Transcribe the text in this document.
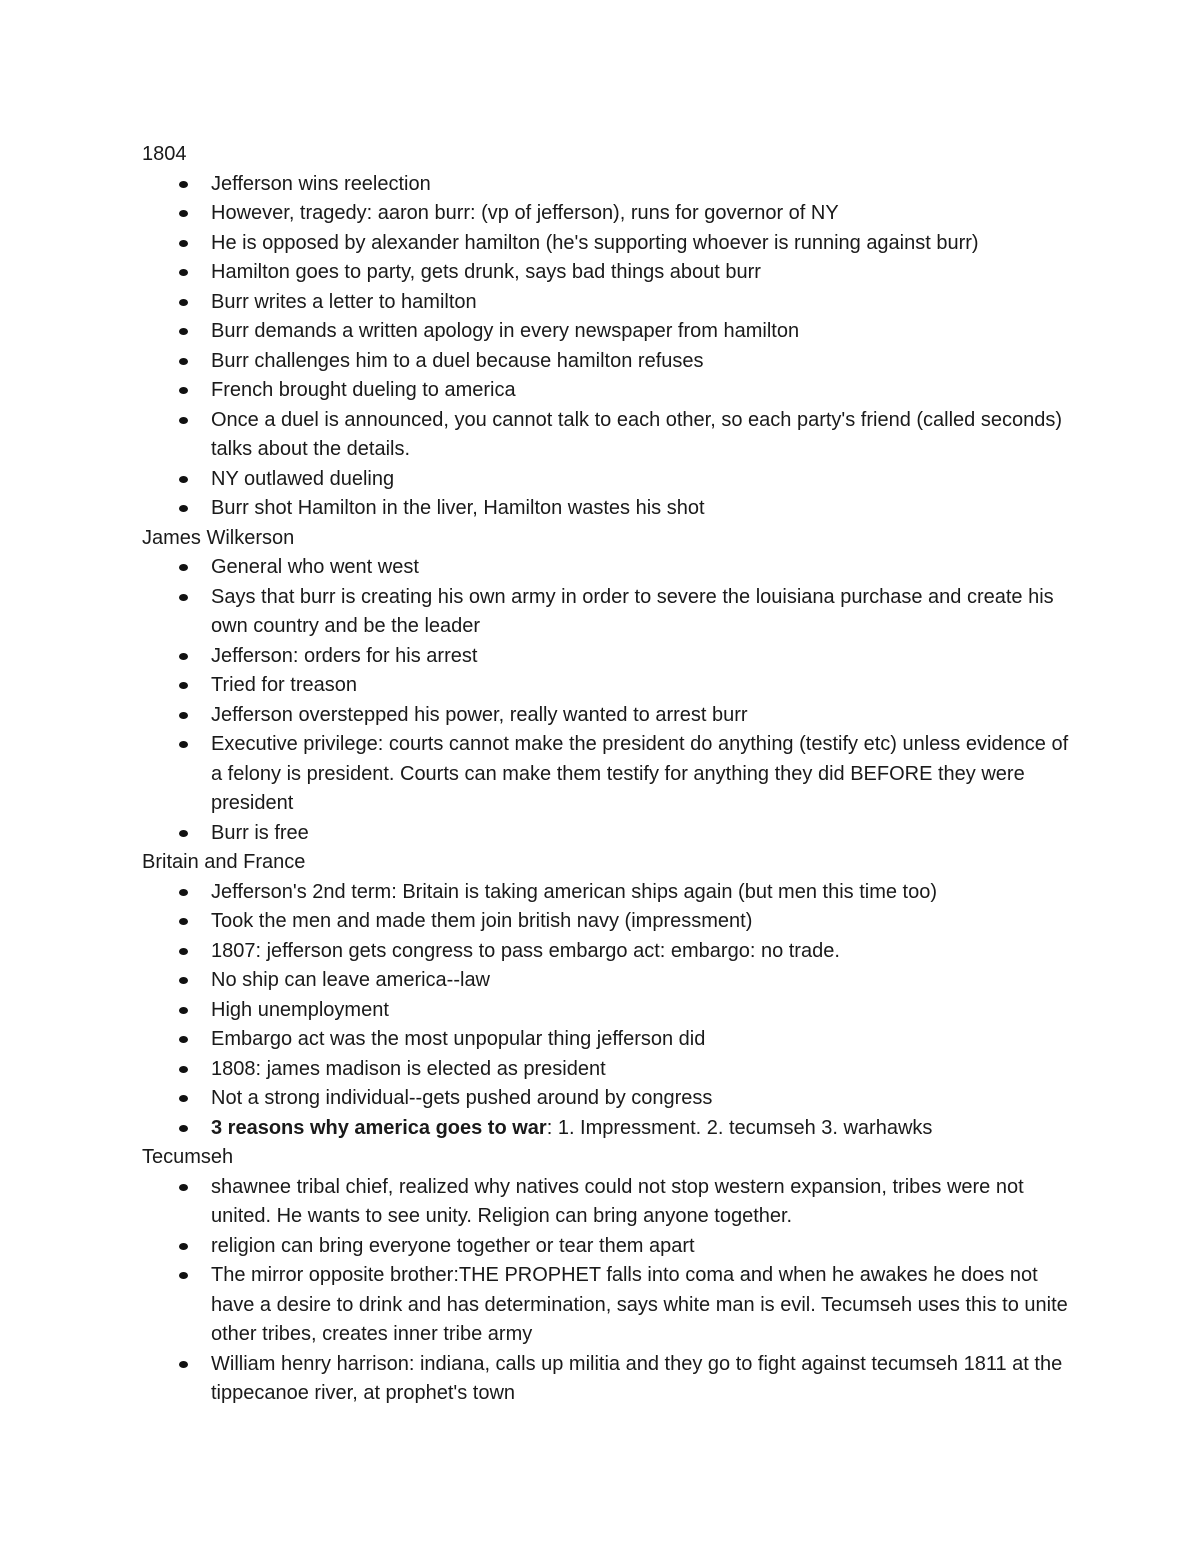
1804
Jefferson wins reelection
However, tragedy: aaron burr: (vp of jefferson), runs for governor of NY
He is opposed by alexander hamilton (he's supporting whoever is running against burr)
Hamilton goes to party, gets drunk, says bad things about burr
Burr writes a letter to hamilton
Burr demands a written apology in every newspaper from hamilton
Burr challenges him to a duel because hamilton refuses
French brought dueling to america
Once a duel is announced, you cannot talk to each other, so each party's friend (called seconds) talks about the details.
NY outlawed dueling
Burr shot Hamilton in the liver, Hamilton wastes his shot
James Wilkerson
General who went west
Says that burr is creating his own army in order to severe the louisiana purchase and create his own country and be the leader
Jefferson: orders for his arrest
Tried for treason
Jefferson overstepped his power, really wanted to arrest burr
Executive privilege: courts cannot make the president do anything (testify etc) unless evidence of a felony is president. Courts can make them testify for anything they did BEFORE they were president
Burr is free
Britain and France
Jefferson's 2nd term: Britain is taking american ships again (but men this time too)
Took the men and made them join british navy (impressment)
1807: jefferson gets congress to pass embargo act: embargo: no trade.
No ship can leave america--law
High unemployment
Embargo act was the most unpopular thing jefferson did
1808: james madison is elected as president
Not a strong individual--gets pushed around by congress
3 reasons why america goes to war: 1. Impressment. 2. tecumseh 3. warhawks
Tecumseh
shawnee tribal chief, realized why natives could not stop western expansion, tribes were not united. He wants to see unity. Religion can bring anyone together.
religion can bring everyone together or tear them apart
The mirror opposite brother:THE PROPHET falls into coma and when he awakes he does not have a desire to drink and has determination, says white man is evil. Tecumseh uses this to unite other tribes, creates inner tribe army
William henry harrison: indiana, calls up militia and they go to fight against tecumseh 1811 at the tippecanoe river, at prophet's town
